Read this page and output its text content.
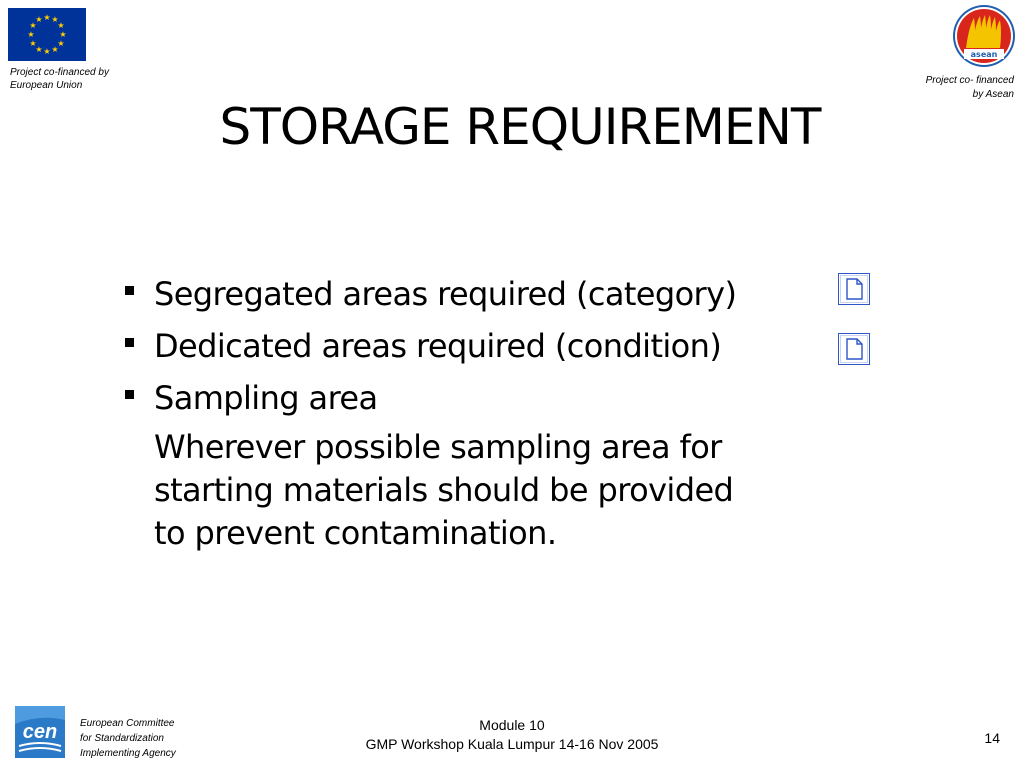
★ ★
★
★
★
★
★
★
★
★
★
★
Project co-financed by
European Union
asean
Project co- financed
by Asean
STORAGE REQUIREMENT
Segregated areas required (category)
Dedicated areas required (condition)
Sampling area
Wherever possible sampling area for
starting materials should be provided
to prevent contamination.
cen European Committee
for Standardization
Implementing Agency
Module 10
GMP Workshop Kuala Lumpur 14-16 Nov 2005	14
